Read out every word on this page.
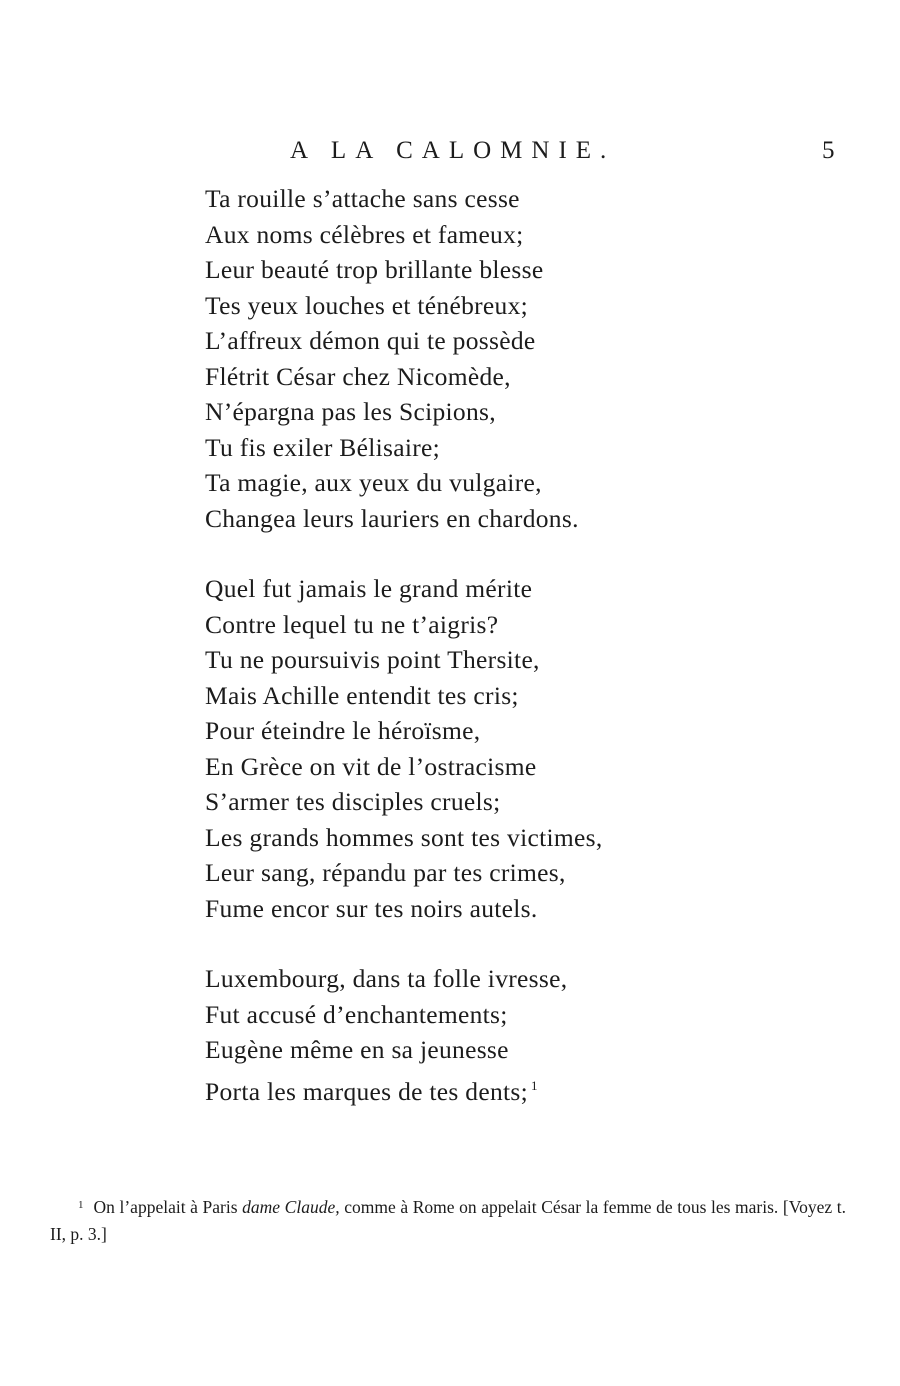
A LA CALOMNIE.	5
Ta rouille s’attache sans cesse
Aux noms célèbres et fameux;
Leur beauté trop brillante blesse
Tes yeux louches et ténébreux;
L’affreux démon qui te possède
Flétrit César chez Nicomède,
N’épargna pas les Scipions,
Tu fis exiler Bélisaire;
Ta magie, aux yeux du vulgaire,
Changea leurs lauriers en chardons.
Quel fut jamais le grand mérite
Contre lequel tu ne t’aigris?
Tu ne poursuivis point Thersite,
Mais Achille entendit tes cris;
Pour éteindre le héroïsme,
En Grèce on vit de l’ostracisme
S’armer tes disciples cruels;
Les grands hommes sont tes victimes,
Leur sang, répandu par tes crimes,
Fume encor sur tes noirs autels.
Luxembourg, dans ta folle ivresse,
Fut accusé d’enchantements;
Eugène même en sa jeunesse
Porta les marques de tes dents; $^1$
$^1$ On l’appelait à Paris dame Claude, comme à Rome on appelait César la femme de tous les maris. [Voyez t. II, p. 3.]
